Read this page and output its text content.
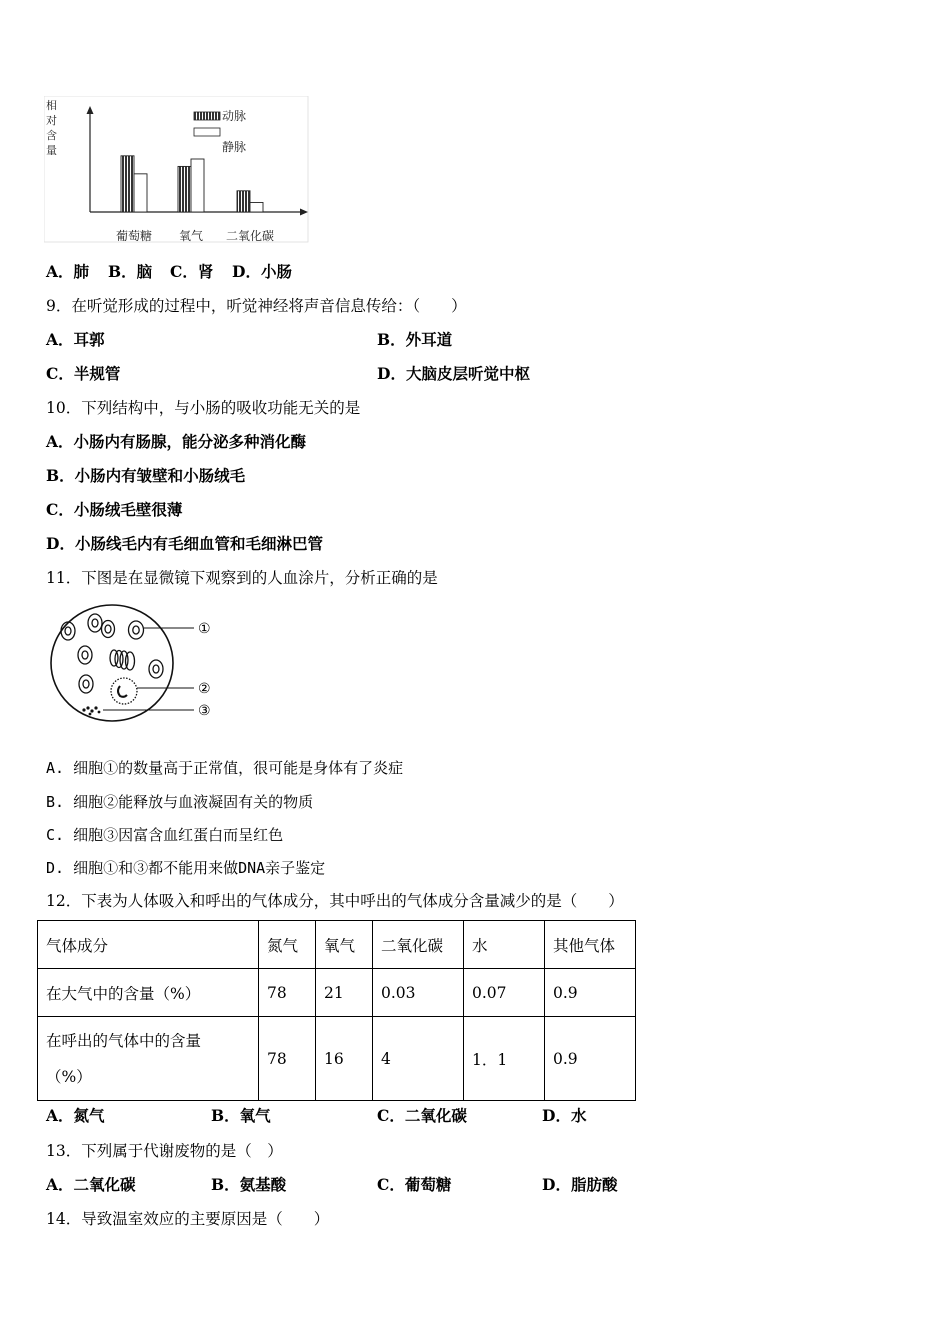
相
对
含
量
动脉
静脉
葡萄糖 氧气 二氧化碳
A．肺 B．脑 C．肾 D．小肠
9．在听觉形成的过程中，听觉神经将声音信息传给：（　　）
A．耳郭	B．外耳道
C．半规管	D．大脑皮层听觉中枢
10．下列结构中，与小肠的吸收功能无关的是
A．小肠内有肠腺，能分泌多种消化酶
B．小肠内有皱壁和小肠绒毛
C．小肠绒毛壁很薄
D．小肠线毛内有毛细血管和毛细淋巴管
11．下图是在显微镜下观察到的人血涂片，分析正确的是
①
②
③
A. 细胞①的数量高于正常值，很可能是身体有了炎症
B. 细胞②能释放与血液凝固有关的物质
C. 细胞③因富含血红蛋白而呈红色
D. 细胞①和③都不能用来做DNA亲子鉴定
12．下表为人体吸入和呼出的气体成分，其中呼出的气体成分含量减少的是（　　）
气体成分	氮气	氧气	二氧化碳	水	其他气体
在大气中的含量（%）	78	21	0.03	0.07	0.9

在呼出的气体中的含量
（%）	78	16	4	1．1	0.9
A．氮气	B．氧气	C．二氧化碳	D．水
13．下列属于代谢废物的是（　）
A．二氧化碳	B．氨基酸	C．葡萄糖	D．脂肪酸
14．导致温室效应的主要原因是（　　）
